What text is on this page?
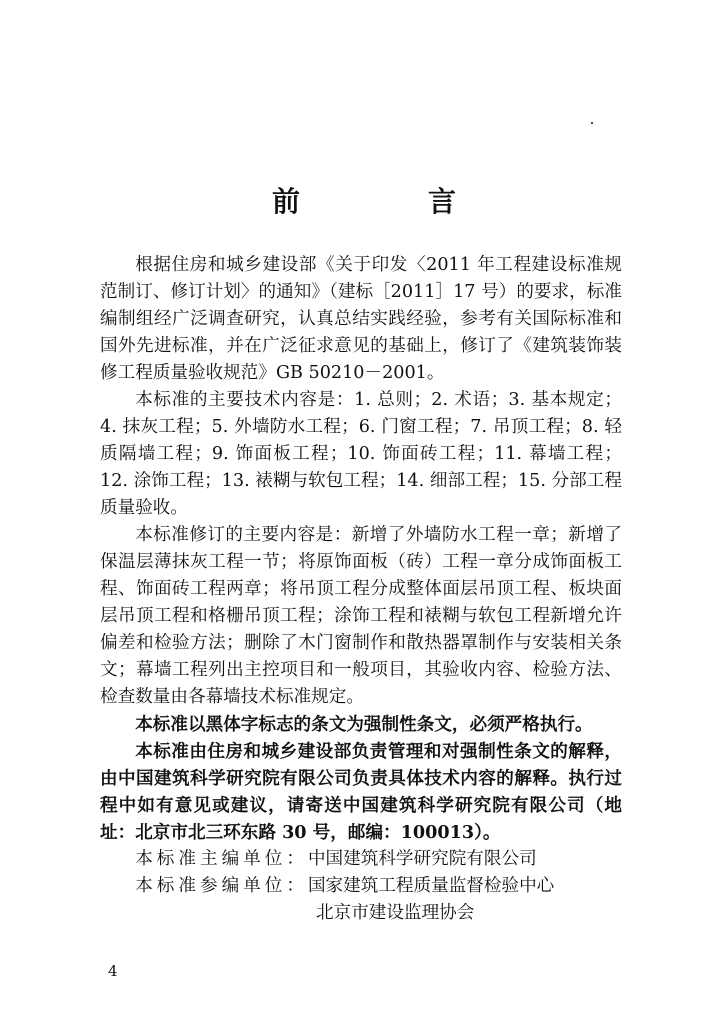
前　言

根据住房和城乡建设部《关于印发〈2011 年工程建设标准规范制订、修订计划〉的通知》（建标［2011］17 号）的要求，标准编制组经广泛调查研究，认真总结实践经验，参考有关国际标准和国外先进标准，并在广泛征求意见的基础上，修订了《建筑装饰装修工程质量验收规范》GB 50210－2001。

本标准的主要技术内容是：1. 总则；2. 术语；3. 基本规定；4. 抹灰工程；5. 外墙防水工程；6. 门窗工程；7. 吊顶工程；8. 轻质隔墙工程；9. 饰面板工程；10. 饰面砖工程；11. 幕墙工程；12. 涂饰工程；13. 裱糊与软包工程；14. 细部工程；15. 分部工程质量验收。

本标准修订的主要内容是：新增了外墙防水工程一章；新增了保温层薄抹灰工程一节；将原饰面板（砖）工程一章分成饰面板工程、饰面砖工程两章；将吊顶工程分成整体面层吊顶工程、板块面层吊顶工程和格栅吊顶工程；涂饰工程和裱糊与软包工程新增允许偏差和检验方法；删除了木门窗制作和散热器罩制作与安装相关条文；幕墙工程列出主控项目和一般项目，其验收内容、检验方法、检查数量由各幕墙技术标准规定。

本标准以黑体字标志的条文为强制性条文，必须严格执行。

本标准由住房和城乡建设部负责管理和对强制性条文的解释，由中国建筑科学研究院有限公司负责具体技术内容的解释。执行过程中如有意见或建议，请寄送中国建筑科学研究院有限公司（地址：北京市北三环东路 30 号，邮编：100013）。

本标准主编单位：中国建筑科学研究院有限公司
本标准参编单位：国家建筑工程质量监督检验中心
北京市建设监理协会
4
